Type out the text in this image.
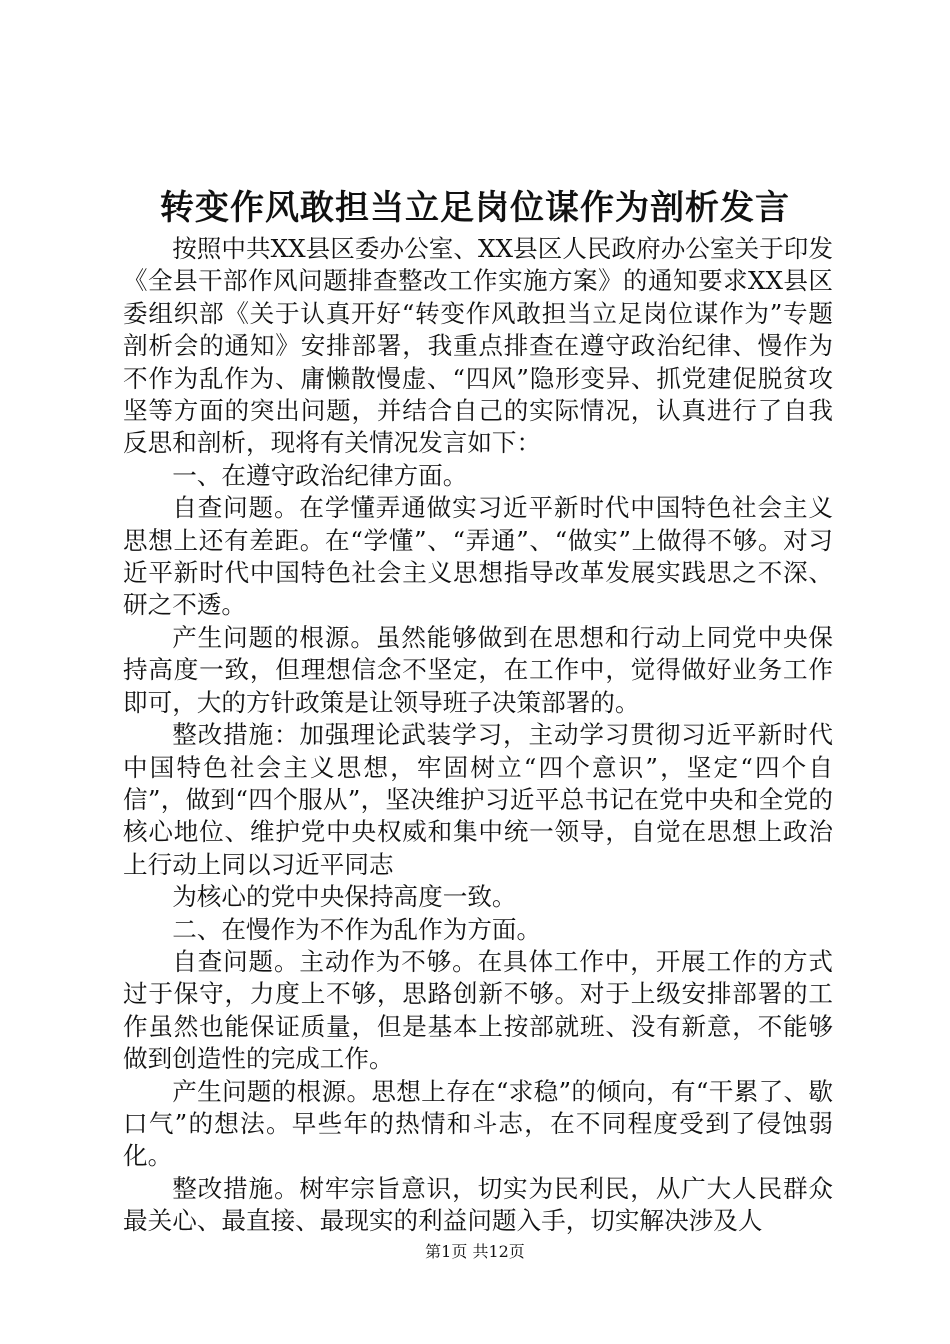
转变作风敢担当立足岗位谋作为剖析发言

按照中共XX县区委办公室、XX县区人民政府办公室关于印发《全县干部作风问题排查整改工作实施方案》的通知要求XX县区委组织部《关于认真开好“转变作风敢担当立足岗位谋作为”专题剖析会的通知》安排部署，我重点排查在遵守政治纪律、慢作为不作为乱作为、庸懒散慢虚、“四风”隐形变异、抓党建促脱贫攻坚等方面的突出问题，并结合自己的实际情况，认真进行了自我反思和剖析，现将有关情况发言如下：

一、在遵守政治纪律方面。

自查问题。在学懂弄通做实习近平新时代中国特色社会主义思想上还有差距。在“学懂”、“弄通”、“做实”上做得不够。对习近平新时代中国特色社会主义思想指导改革发展实践思之不深、研之不透。

产生问题的根源。虽然能够做到在思想和行动上同党中央保持高度一致，但理想信念不坚定，在工作中，觉得做好业务工作即可，大的方针政策是让领导班子决策部署的。

整改措施：加强理论武装学习，主动学习贯彻习近平新时代中国特色社会主义思想，牢固树立“四个意识”，坚定“四个自信”，做到“四个服从”，坚决维护习近平总书记在党中央和全党的核心地位、维护党中央权威和集中统一领导，自觉在思想上政治上行动上同以习近平同志

为核心的党中央保持高度一致。

二、在慢作为不作为乱作为方面。

自查问题。主动作为不够。在具体工作中，开展工作的方式过于保守，力度上不够，思路创新不够。对于上级安排部署的工作虽然也能保证质量，但是基本上按部就班、没有新意，不能够做到创造性的完成工作。

产生问题的根源。思想上存在“求稳”的倾向，有“干累了、歇口气”的想法。早些年的热情和斗志，在不同程度受到了侵蚀弱化。

整改措施。树牢宗旨意识，切实为民利民，从广大人民群众最关心、最直接、最现实的利益问题入手，切实解决涉及人

第1页 共12页
